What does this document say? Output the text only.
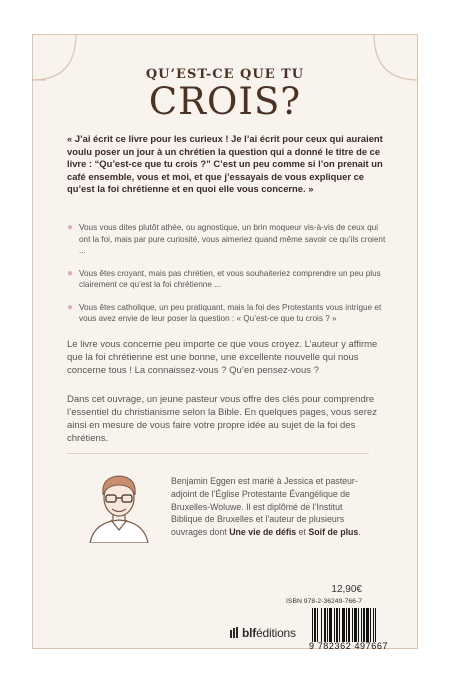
QU’EST-CE QUE TU
CROIS?

« J’ai écrit ce livre pour les curieux ! Je l’ai écrit pour ceux qui auraient voulu poser un jour à un chrétien la question qui a donné le titre de ce livre : “Qu’est-ce que tu crois ?” C’est un peu comme si l’on prenait un café ensemble, vous et moi, et que j’essayais de vous expliquer ce qu’est la foi chrétienne et en quoi elle vous concerne. »

● Vous vous dites plutôt athée, ou agnostique, un brin moqueur vis-à-vis de ceux qui ont la foi, mais par pure curiosité, vous aimeriez quand même savoir ce qu’ils croient ...
● Vous êtes croyant, mais pas chrétien, et vous souhaiteriez comprendre un peu plus clairement ce qu’est la foi chrétienne ...
● Vous êtes catholique, un peu pratiquant, mais la foi des Protestants vous intrigue et vous avez envie de leur poser la question : « Qu’est-ce que tu crois ? »

Le livre vous concerne peu importe ce que vous croyez. L’auteur y affirme que la foi chrétienne est une bonne, une excellente nouvelle qui nous concerne tous ! La connaissez-vous ? Qu’en pensez-vous ?

Dans cet ouvrage, un jeune pasteur vous offre des clés pour comprendre l’essentiel du christianisme selon la Bible. En quelques pages, vous serez ainsi en mesure de vous faire votre propre idée au sujet de la foi des chrétiens.

Benjamin Eggen est marié à Jessica et pasteur-adjoint de l’Église Protestante Évangélique de Bruxelles-Woluwe. Il est diplômé de l’Institut Biblique de Bruxelles et l’auteur de plusieurs ouvrages dont Une vie de défis et Soif de plus.

12,90€
ISBN 978-2-36249-766-7
blféditions
9 782362 497667
